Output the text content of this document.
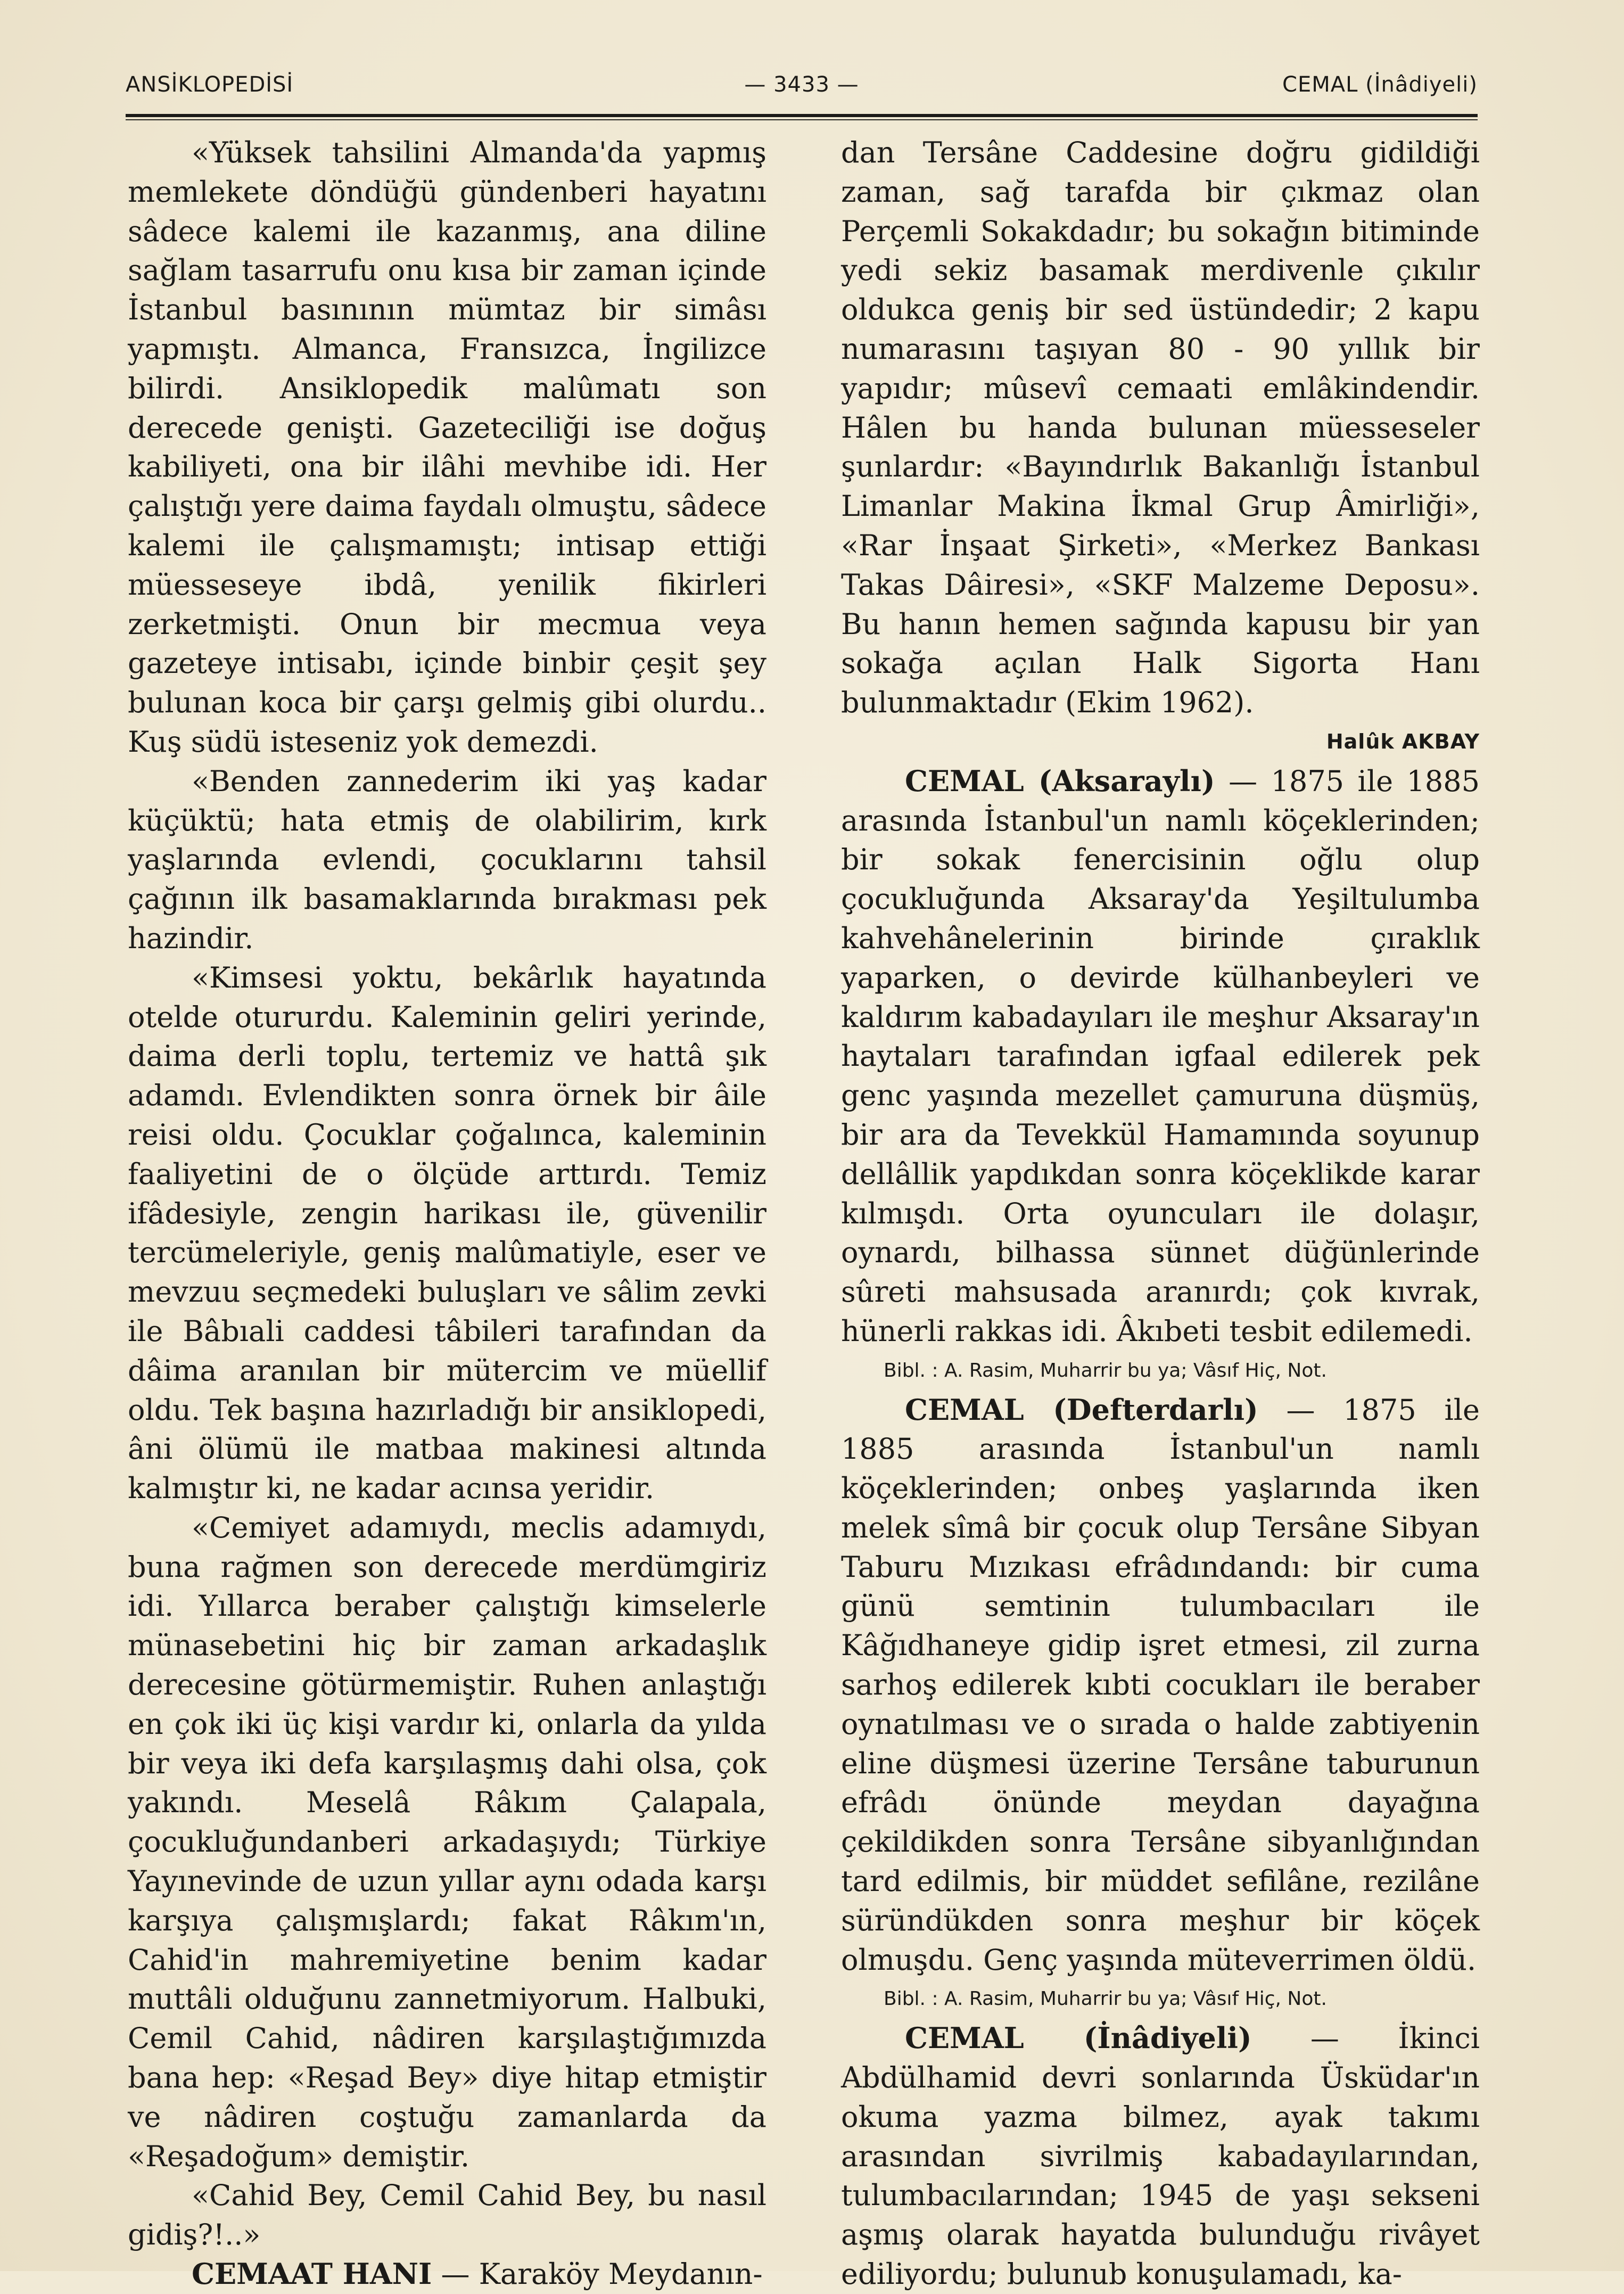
ANSİKLOPEDİSİ	— 3433 —	CEMAL (İnâdiyeli)

«Yüksek tahsilini Almanda'da yapmış memlekete döndüğü gündenberi hayatını sâdece kalemi ile kazanmış, ana diline sağlam tasarrufu onu kısa bir zaman içinde İstanbul basınının mümtaz bir simâsı yapmıştı. Almanca, Fransızca, İngilizce bilirdi. Ansiklopedik malûmatı son derecede genişti. Gazeteciliği ise doğuş kabiliyeti, ona bir ilâhi mevhibe idi. Her çalıştığı yere daima faydalı olmuştu, sâdece kalemi ile çalışmamıştı; intisap ettiği müesseseye ibdâ, yenilik fikirleri zerketmişti. Onun bir mecmua veya gazeteye intisabı, içinde binbir çeşit şey bulunan koca bir çarşı gelmiş gibi olurdu.. Kuş südü isteseniz yok demezdi.

«Benden zannederim iki yaş kadar küçüktü; hata etmiş de olabilirim, kırk yaşlarında evlendi, çocuklarını tahsil çağının ilk basamaklarında bırakması pek hazindir.

«Kimsesi yoktu, bekârlık hayatında otelde otururdu. Kaleminin geliri yerinde, daima derli toplu, tertemiz ve hattâ şık adamdı. Evlendikten sonra örnek bir âile reisi oldu. Çocuklar çoğalınca, kaleminin faaliyetini de o ölçüde arttırdı. Temiz ifâdesiyle, zengin harikası ile, güvenilir tercümeleriyle, geniş malûmatiyle, eser ve mevzuu seçmedeki buluşları ve sâlim zevki ile Bâbıali caddesi tâbileri tarafından da dâima aranılan bir mütercim ve müellif oldu. Tek başına hazırladığı bir ansiklopedi, âni ölümü ile matbaa makinesi altında kalmıştır ki, ne kadar acınsa yeridir.

«Cemiyet adamıydı, meclis adamıydı, buna rağmen son derecede merdümgiriz idi. Yıllarca beraber çalıştığı kimselerle münasebetini hiç bir zaman arkadaşlık derecesine götürmemiştir. Ruhen anlaştığı en çok iki üç kişi vardır ki, onlarla da yılda bir veya iki defa karşılaşmış dahi olsa, çok yakındı. Meselâ Râkım Çalapala, çocukluğundanberi arkadaşıydı; Türkiye Yayınevinde de uzun yıllar aynı odada karşı karşıya çalışmışlardı; fakat Râkım'ın, Cahid'in mahremiyetine benim kadar muttâli olduğunu zannetmiyorum. Halbuki, Cemil Cahid, nâdiren karşılaştığımızda bana hep: «Reşad Bey» diye hitap etmiştir ve nâdiren coştuğu zamanlarda da «Reşadoğum» demiştir.

«Cahid Bey, Cemil Cahid Bey, bu nasıl gidiş?!..»

CEMAAT HANI — Karaköy Meydanın-

dan Tersâne Caddesine doğru gidildiği zaman, sağ tarafda bir çıkmaz olan Perçemli Sokakdadır; bu sokağın bitiminde yedi sekiz basamak merdivenle çıkılır oldukca geniş bir sed üstündedir; 2 kapu numarasını taşıyan 80 - 90 yıllık bir yapıdır; mûsevî cemaati emlâkindendir. Hâlen bu handa bulunan müesseseler şunlardır: «Bayındırlık Bakanlığı İstanbul Limanlar Makina İkmal Grup Âmirliği», «Rar İnşaat Şirketi», «Merkez Bankası Takas Dâiresi», «SKF Malzeme Deposu». Bu hanın hemen sağında kapusu bir yan sokağa açılan Halk Sigorta Hanı bulunmaktadır (Ekim 1962).

Halûk AKBAY

CEMAL (Aksaraylı) — 1875 ile 1885 arasında İstanbul'un namlı köçeklerinden; bir sokak fenercisinin oğlu olup çocukluğunda Aksaray'da Yeşiltulumba kahvehânelerinin birinde çıraklık yaparken, o devirde külhanbeyleri ve kaldırım kabadayıları ile meşhur Aksaray'ın haytaları tarafından igfaal edilerek pek genc yaşında mezellet çamuruna düşmüş, bir ara da Tevekkül Hamamında soyunup dellâllik yapdıkdan sonra köçeklikde karar kılmışdı. Orta oyuncuları ile dolaşır, oynardı, bilhassa sünnet düğünlerinde sûreti mahsusada aranırdı; çok kıvrak, hünerli rakkas idi. Âkıbeti tesbit edilemedi.

Bibl. : A. Rasim, Muharrir bu ya; Vâsıf Hiç, Not.

CEMAL (Defterdarlı) — 1875 ile 1885 arasında İstanbul'un namlı köçeklerinden; onbeş yaşlarında iken melek sîmâ bir çocuk olup Tersâne Sibyan Taburu Mızıkası efrâdındandı: bir cuma günü semtinin tulumbacıları ile Kâğıdhaneye gidip işret etmesi, zil zurna sarhoş edilerek kıbti cocukları ile beraber oynatılması ve o sırada o halde zabtiyenin eline düşmesi üzerine Tersâne taburunun efrâdı önünde meydan dayağına çekildikden sonra Tersâne sibyanlığından tard edilmis, bir müddet sefilâne, rezilâne süründükden sonra meşhur bir köçek olmuşdu. Genç yaşında müteverrimen öldü.

Bibl. : A. Rasim, Muharrir bu ya; Vâsıf Hiç, Not.

CEMAL (İnâdiyeli) — İkinci Abdülhamid devri sonlarında Üsküdar'ın okuma yazma bilmez, ayak takımı arasından sivrilmiş kabadayılarından, tulumbacılarından; 1945 de yaşı sekseni aşmış olarak hayatda bulunduğu rivâyet ediliyordu; bulunub konuşulamadı, ka-
